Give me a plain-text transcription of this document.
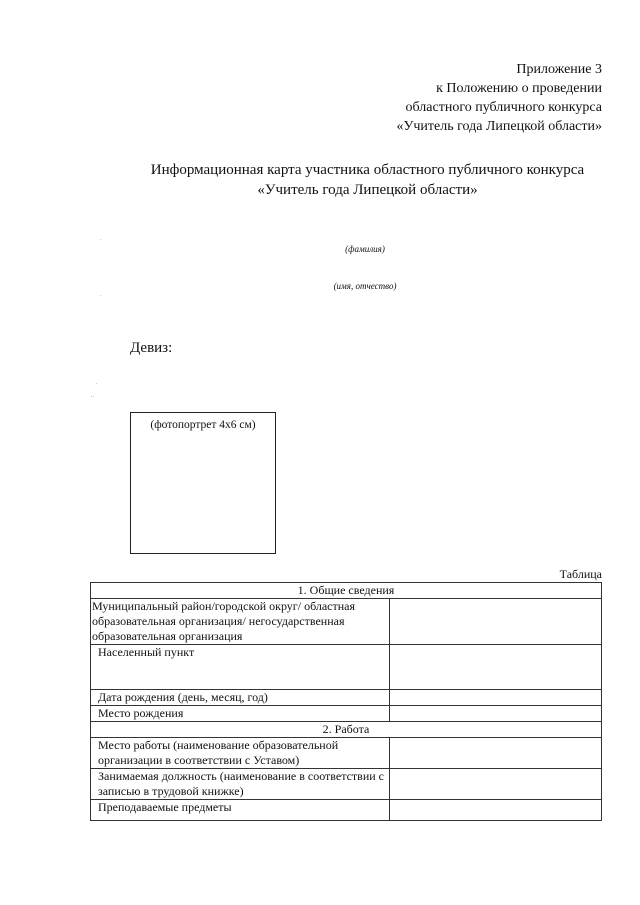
Приложение 3
к Положению о проведении
областного публичного конкурса
«Учитель года Липецкой области»
Информационная карта участника областного публичного конкурса
«Учитель года Липецкой области»
.
(фамилия)
(имя, отчество)
.
Девиз:
.
..
(фотопортрет 4х6 см)
Таблица
1. Общие сведения	
Муниципальный район/городской округ/ областная образовательная организация/ негосударственная образовательная организация	
Населенный пункт	
Дата рождения (день, месяц, год)	
Место рождения	
2. Работа	
Место работы (наименование образовательной организации в соответствии с Уставом)	
Занимаемая должность (наименование в соответствии с записью в трудовой книжке)	
Преподаваемые предметы	
